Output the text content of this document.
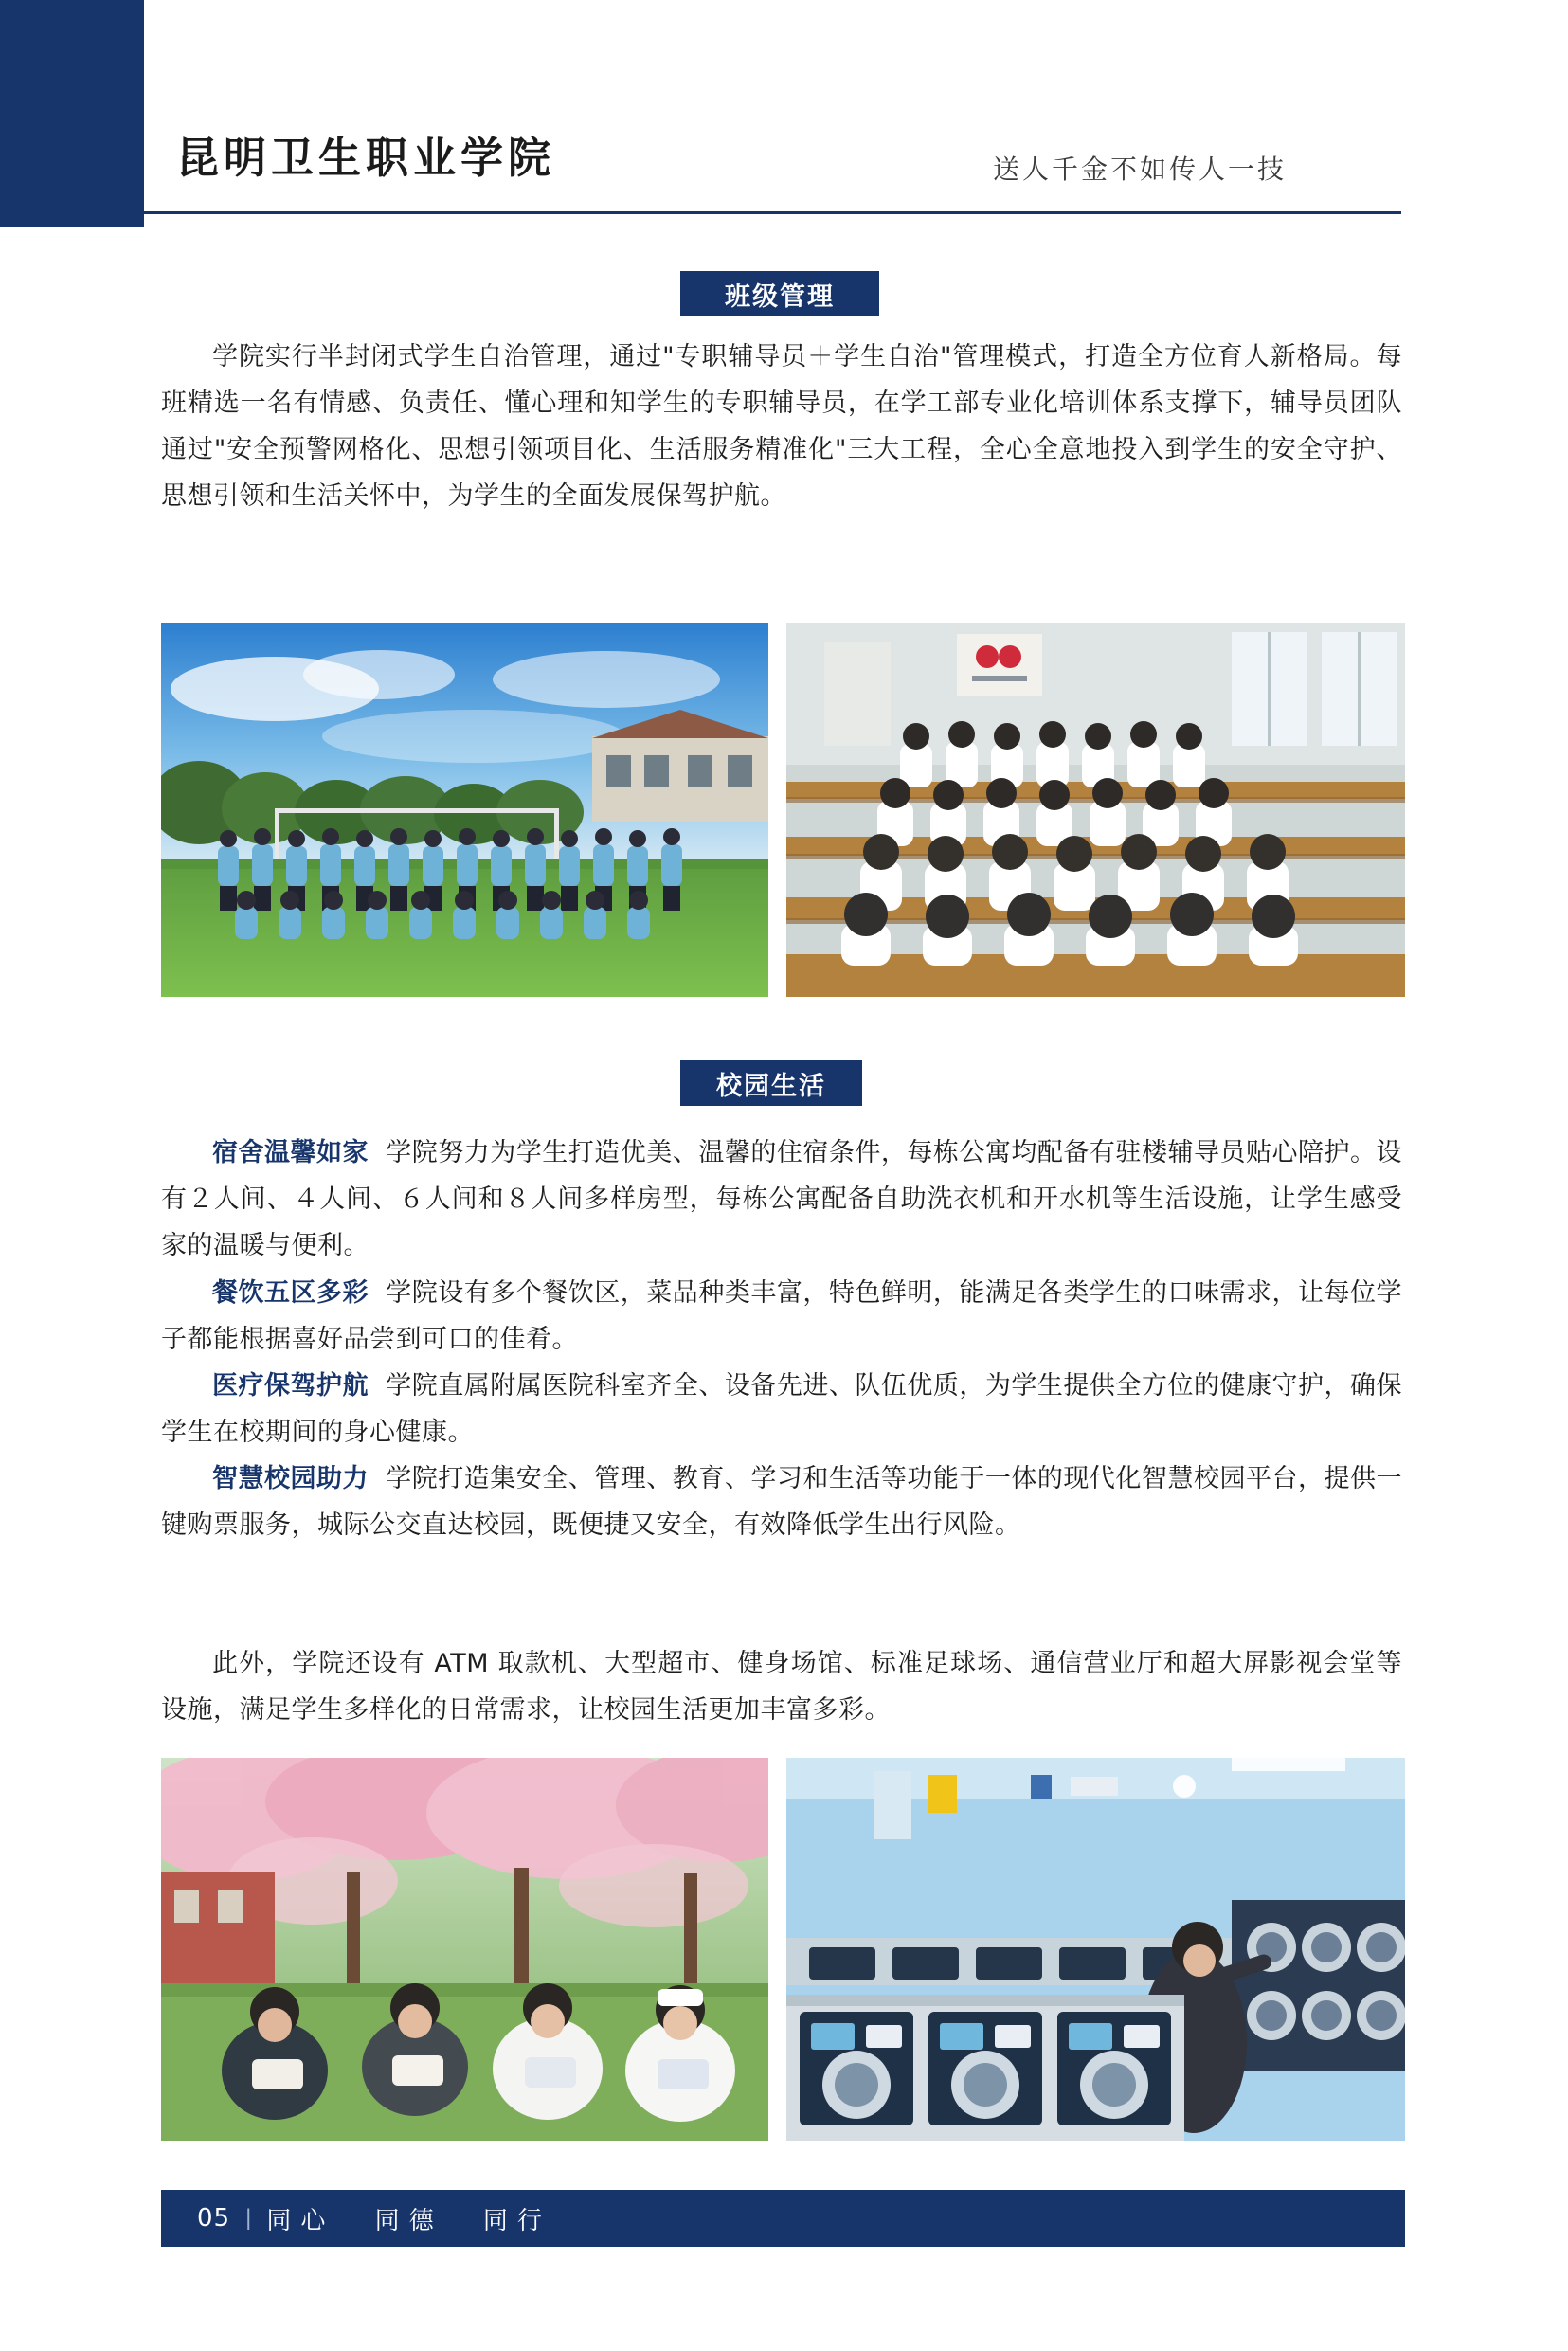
昆明卫生职业学院	送人千金不如传人一技
班级管理
学院实行半封闭式学生自治管理，通过"专职辅导员＋学生自治"管理模式，打造全方位育人新格局。每班精选一名有情感、负责任、懂心理和知学生的专职辅导员，在学工部专业化培训体系支撑下，辅导员团队通过"安全预警网格化、思想引领项目化、生活服务精准化"三大工程，全心全意地投入到学生的安全守护、思想引领和生活关怀中，为学生的全面发展保驾护航。
校园生活
宿舍温馨如家 学院努力为学生打造优美、温馨的住宿条件，每栋公寓均配备有驻楼辅导员贴心陪护。设有２人间、４人间、６人间和８人间多样房型，每栋公寓配备自助洗衣机和开水机等生活设施，让学生感受家的温暖与便利。
餐饮五区多彩 学院设有多个餐饮区，菜品种类丰富，特色鲜明，能满足各类学生的口味需求，让每位学子都能根据喜好品尝到可口的佳肴。
医疗保驾护航 学院直属附属医院科室齐全、设备先进、队伍优质，为学生提供全方位的健康守护，确保学生在校期间的身心健康。
智慧校园助力 学院打造集安全、管理、教育、学习和生活等功能于一体的现代化智慧校园平台，提供一键购票服务，城际公交直达校园，既便捷又安全，有效降低学生出行风险。
此外，学院还设有 ATM 取款机、大型超市、健身场馆、标准足球场、通信营业厅和超大屏影视会堂等设施，满足学生多样化的日常需求，让校园生活更加丰富多彩。
05 | 同心 同德 同行
